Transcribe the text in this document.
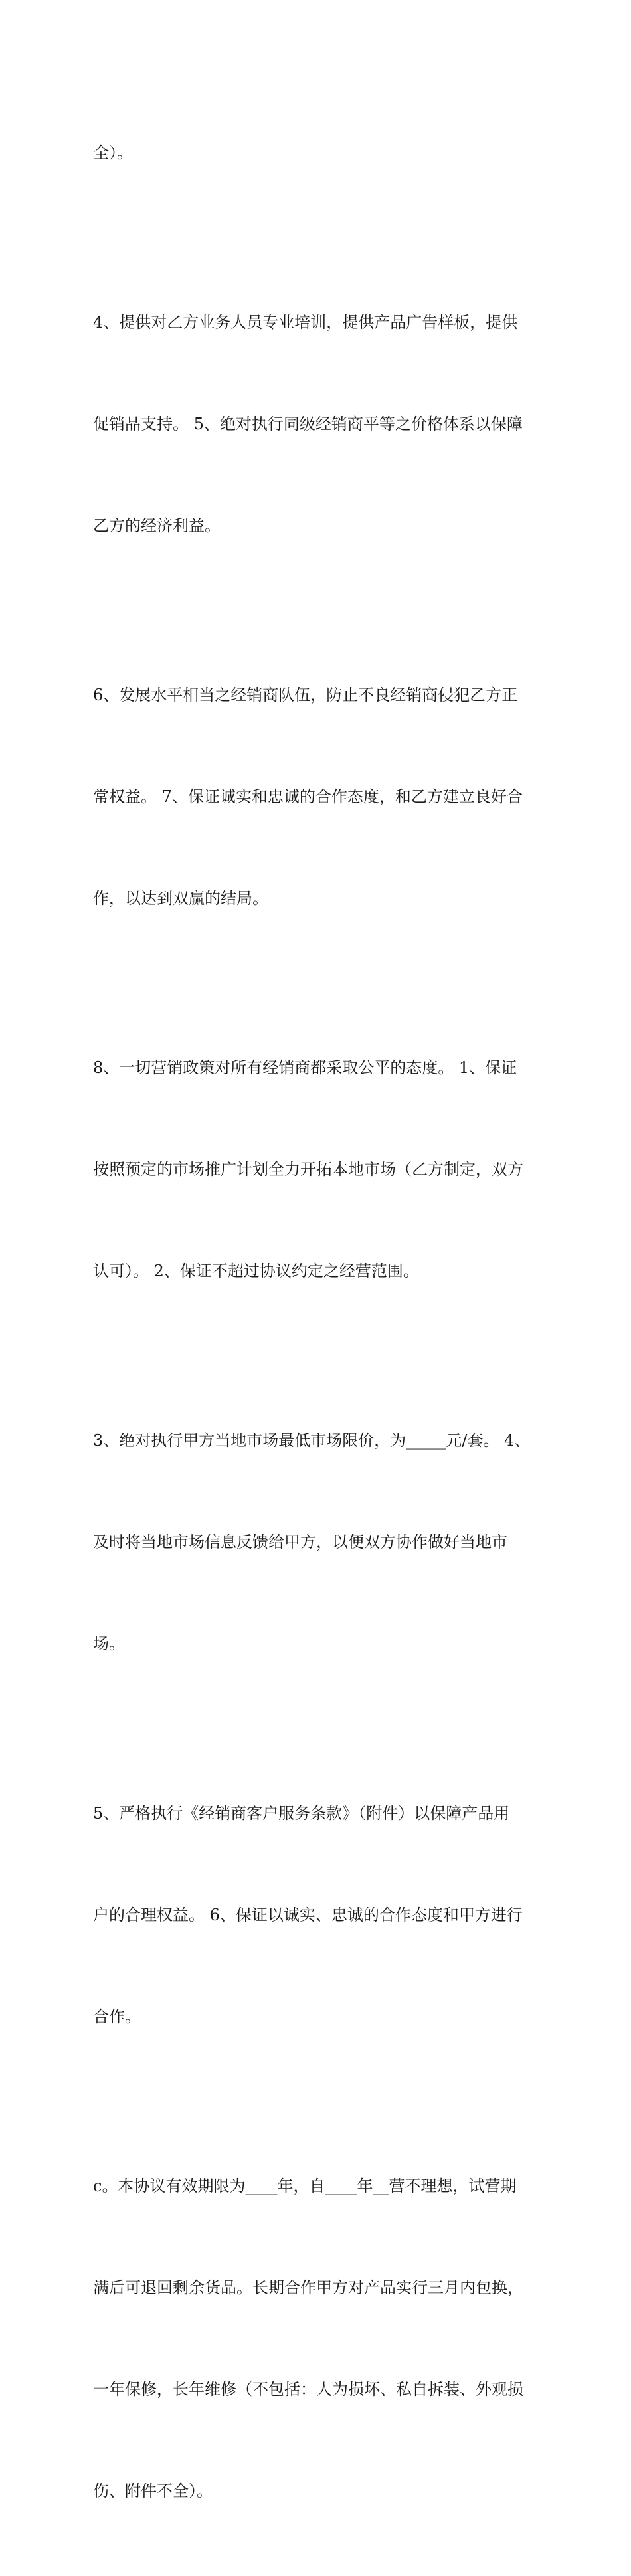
全）。

4、提供对乙方业务人员专业培训，提供产品广告样板，提供

促销品支持。 5、绝对执行同级经销商平等之价格体系以保障

乙方的经济利益。

6、发展水平相当之经销商队伍，防止不良经销商侵犯乙方正

常权益。 7、保证诚实和忠诚的合作态度，和乙方建立良好合

作，以达到双赢的结局。

8、一切营销政策对所有经销商都采取公平的态度。 1、保证

按照预定的市场推广计划全力开拓本地市场（乙方制定，双方

认可）。 2、保证不超过协议约定之经营范围。

3、绝对执行甲方当地市场最低市场限价，为_____元/套。 4、

及时将当地市场信息反馈给甲方，以便双方协作做好当地市

场。

5、严格执行《经销商客户服务条款》（附件）以保障产品用

户的合理权益。 6、保证以诚实、忠诚的合作态度和甲方进行

合作。

c。本协议有效期限为____年，自____年__营不理想，试营期

满后可退回剩余货品。长期合作甲方对产品实行三月内包换，

一年保修，长年维修（不包括：人为损坏、私自拆装、外观损

伤、附件不全）。
